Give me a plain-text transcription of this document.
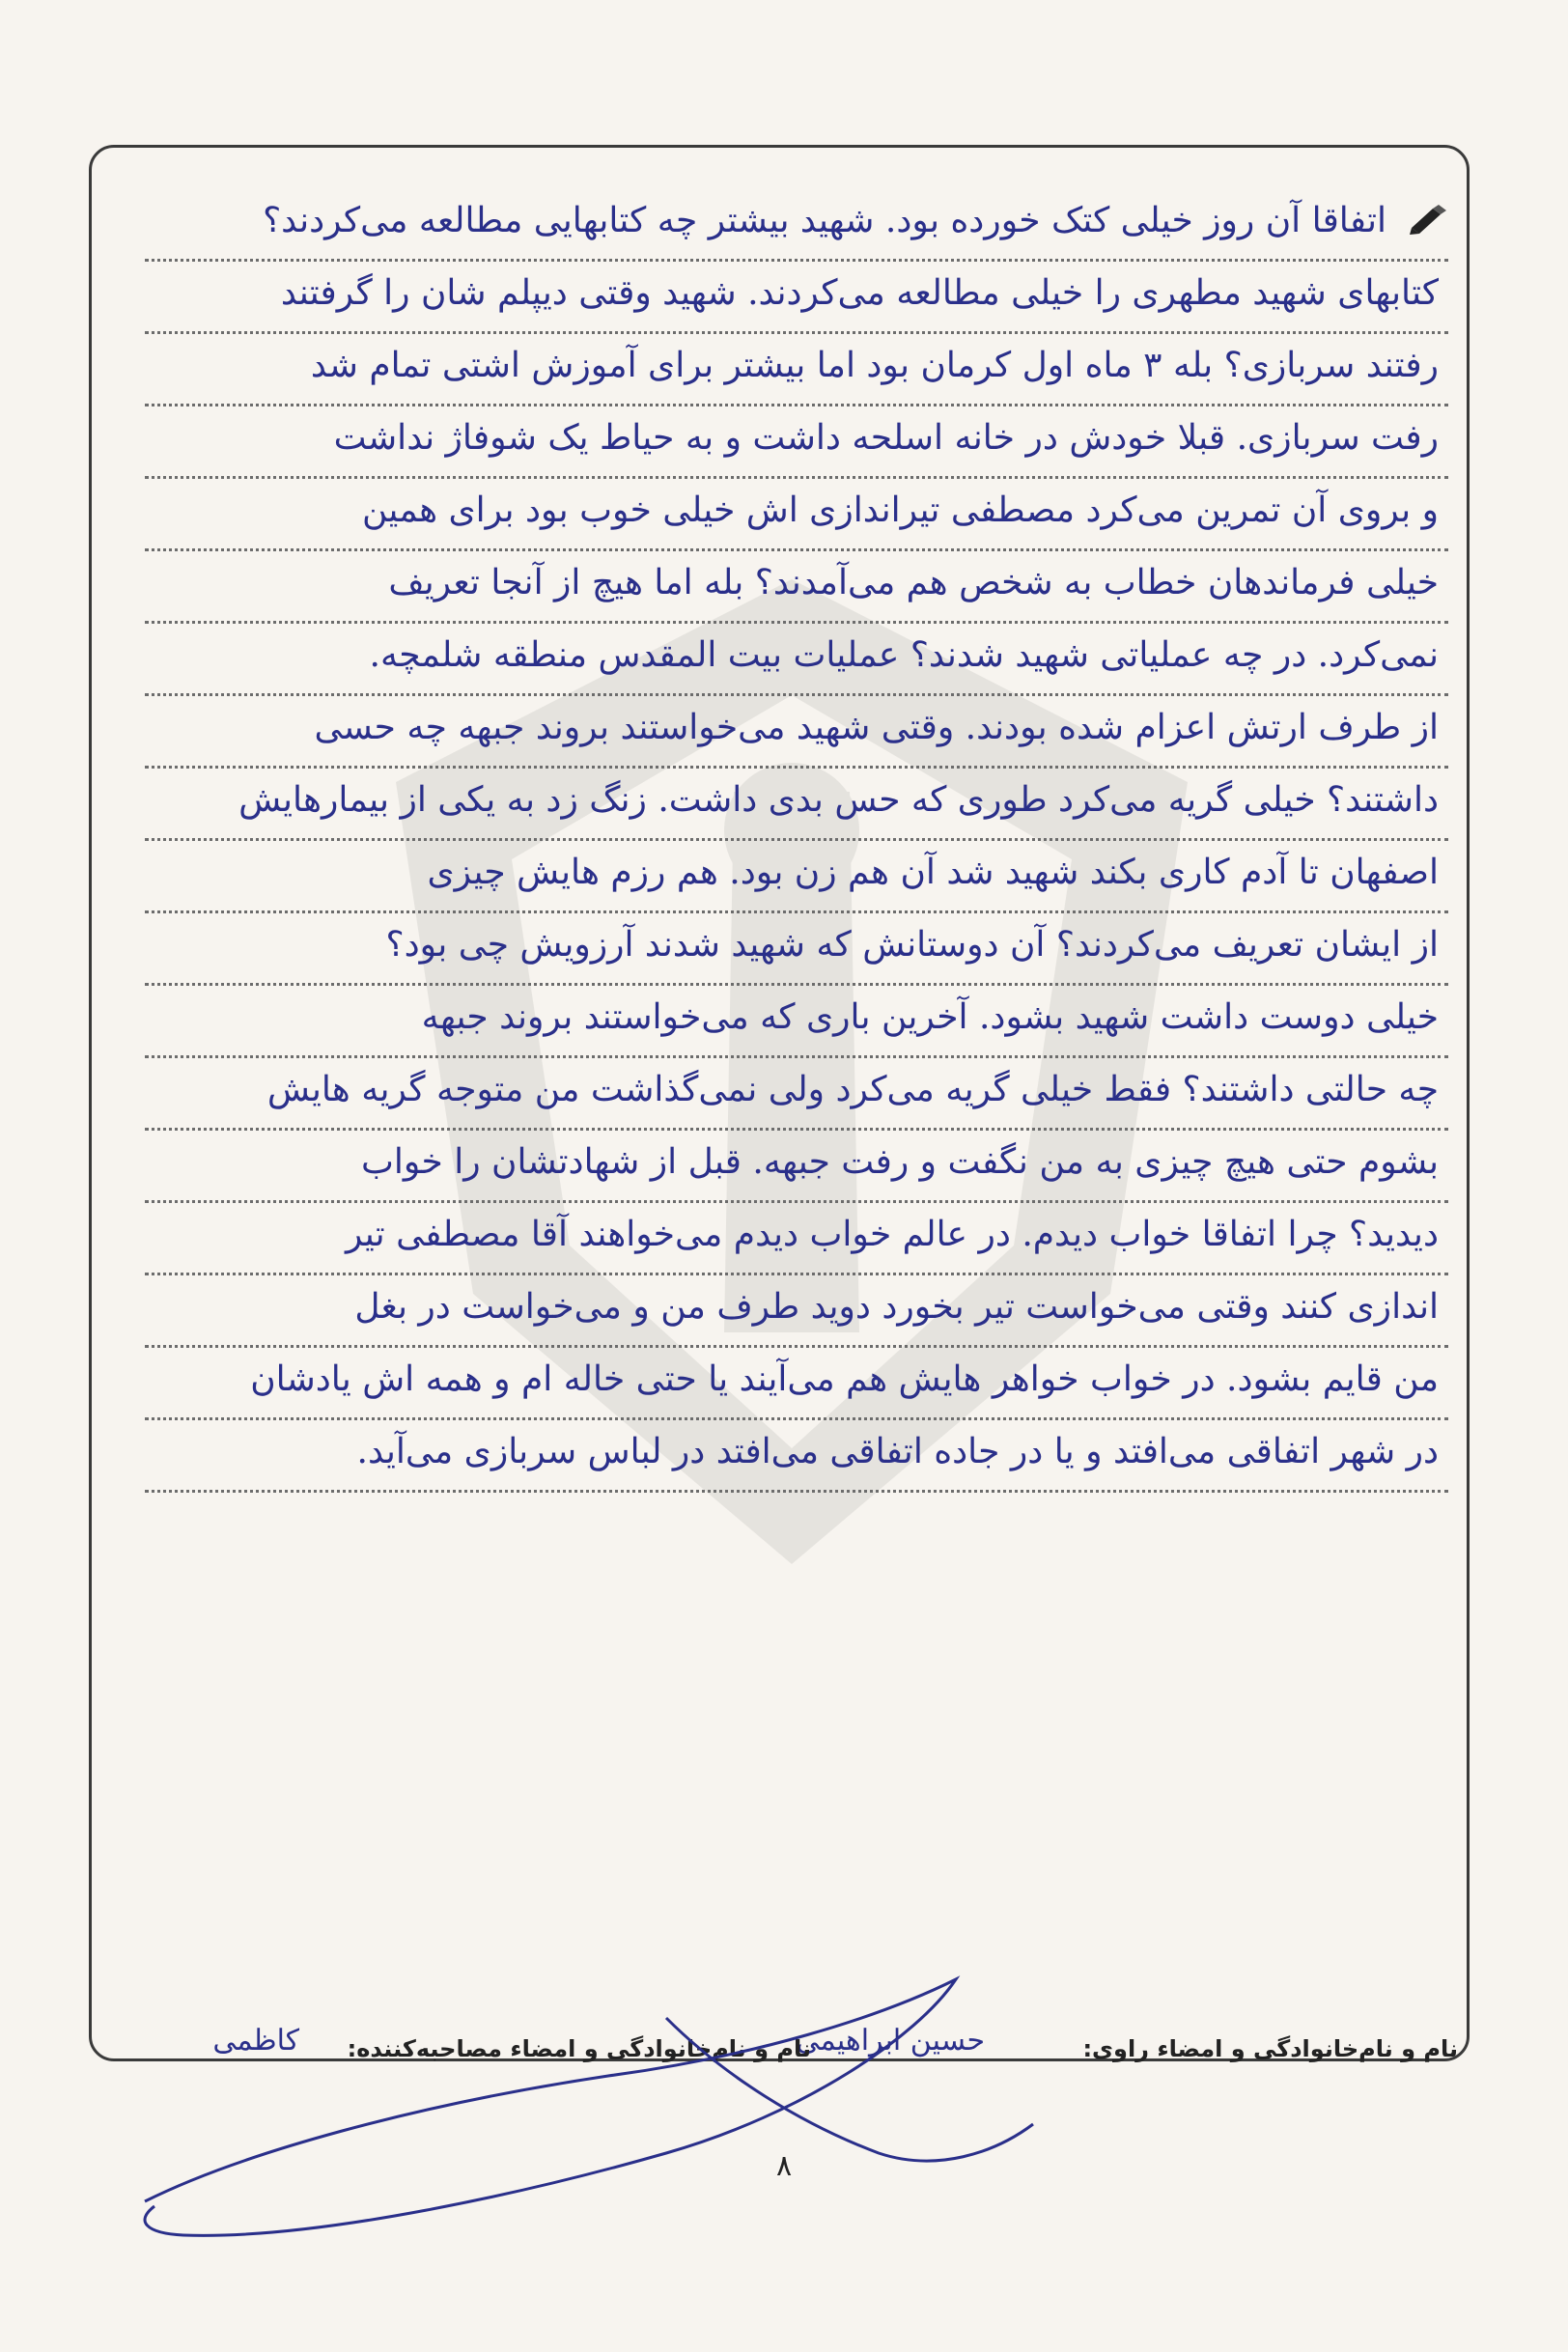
اتفاقا آن روز خیلی کتک خورده بود. شهید بیشتر چه کتابهایی مطالعه می‌کردند؟
کتابهای شهید مطهری را خیلی مطالعه می‌کردند. شهید وقتی دیپلم شان را گرفتند
رفتند سربازی؟ بله ۳ ماه اول کرمان بود اما بیشتر برای آموزش اشتی تمام شد
رفت سربازی. قبلا خودش در خانه اسلحه داشت و به حیاط یک شوفاژ نداشت
و بروی آن تمرین می‌کرد مصطفی تیراندازی اش خیلی خوب بود برای همین
خیلی فرماندهان خطاب به شخص هم می‌آمدند؟ بله اما هیچ از آنجا تعریف
نمی‌کرد. در چه عملیاتی شهید شدند؟ عملیات بیت المقدس منطقه شلمچه.
از طرف ارتش اعزام شده بودند. وقتی شهید می‌خواستند بروند جبهه چه حسی
داشتند؟ خیلی گریه می‌کرد طوری که حس بدی داشت. زنگ زد به یکی از بیمارهایش
اصفهان تا آدم کاری بکند شهید شد آن هم زن بود. هم رزم هایش چیزی
از ایشان تعریف می‌کردند؟ آن دوستانش که شهید شدند آرزویش چی بود؟
خیلی دوست داشت شهید بشود. آخرین باری که می‌خواستند بروند جبهه
چه حالتی داشتند؟ فقط خیلی گریه می‌کرد ولی نمی‌گذاشت من متوجه گریه هایش
بشوم حتی هیچ چیزی به من نگفت و رفت جبهه. قبل از شهادتشان را خواب
دیدید؟ چرا اتفاقا خواب دیدم. در عالم خواب دیدم می‌خواهند آقا مصطفی تیر
اندازی کنند وقتی می‌خواست تیر بخورد دوید طرف من و می‌خواست در بغل
من قایم بشود. در خواب خواهر هایش هم می‌آیند یا حتی خاله ام و همه اش یادشان
در شهر اتفاقی می‌افتد و یا در جاده اتفاقی می‌افتد در لباس سربازی می‌آید.
نام و نام‌خانوادگی و امضاء راوی:
حسین ابراهیمی
نام و نام‌خانوادگی و امضاء مصاحبه‌کننده:
کاظمی
۸
